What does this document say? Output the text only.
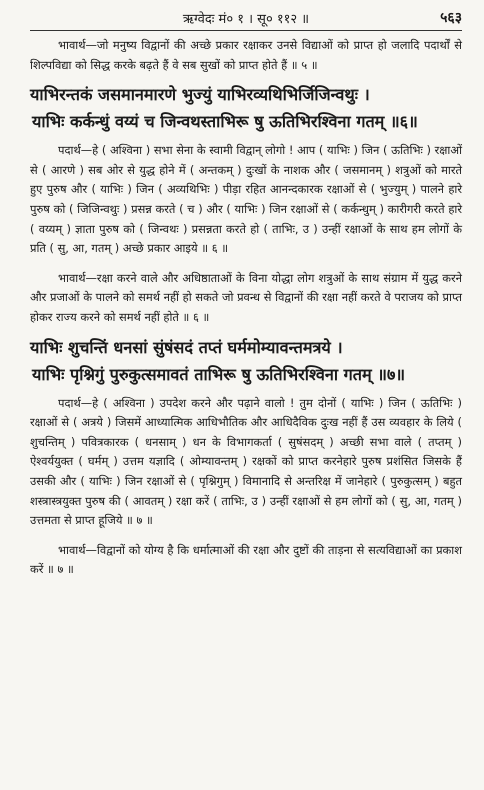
ऋग्वेदः मं० १ । सू० ११२ ॥	५६३

भावार्थ—जो मनुष्य विद्वानों की अच्छे प्रकार रक्षाकर उनसे विद्याओं को प्राप्त हो जलादि पदार्थों से शिल्पविद्या को सिद्ध करके बढ़ते हैं वे सब सुखों को प्राप्त होते हैं ॥ ५ ॥

याभिरन्तकं जसमानमारणे भुज्युं याभिरव्यथिभिर्जिजिन्वथुः ।

याभिः कर्कन्धुं वय्यं च जिन्वथस्ताभिरू षु ऊतिभिरश्विना गतम् ॥६॥

पदार्थ—हे ( अश्विना ) सभा सेना के स्वामी विद्वान् लोगो ! आप ( याभिः ) जिन ( ऊतिभिः ) रक्षाओं से ( आरणे ) सब ओर से युद्ध होने में ( अन्तकम् ) दुःखों के नाशक और ( जसमानम् ) शत्रुओं को मारते हुए पुरुष और ( याभिः ) जिन ( अव्यथिभिः ) पीड़ा रहित आनन्दकारक रक्षाओं से ( भुज्युम् ) पालने हारे पुरुष को ( जिजिन्वथुः ) प्रसन्न करते ( च ) और ( याभिः ) जिन रक्षाओं से ( कर्कन्धुम् ) कारीगरी करते हारे ( वय्यम् ) ज्ञाता पुरुष को ( जिन्वथः ) प्रसन्नता करते हो ( ताभिः, उ ) उन्हीं रक्षाओं के साथ हम लोगों के प्रति ( सु, आ, गतम् ) अच्छे प्रकार आइये ॥ ६ ॥

भावार्थ—रक्षा करने वाले और अधिष्ठाताओं के विना योद्धा लोग शत्रुओं के साथ संग्राम में युद्ध करने और प्रजाओं के पालने को समर्थ नहीं हो सकते जो प्रवन्ध से विद्वानों की रक्षा नहीं करते वे पराजय को प्राप्त होकर राज्य करने को समर्थ नहीं होते ॥ ६ ॥

याभिः शुचन्तिं धनसां सुंषंसदं तप्तं घर्ममोम्यावन्तमत्रये ।

याभिः पृश्निगुं पुरुकुत्समावतं ताभिरू षु ऊतिभिरश्विना गतम् ॥७॥

पदार्थ—हे ( अश्विना ) उपदेश करने और पढ़ाने वालो ! तुम दोनों ( याभिः ) जिन ( ऊतिभिः ) रक्षाओं से ( अत्रये ) जिसमें आध्यात्मिक आधिभौतिक और आधिदैविक दुःख नहीं हैं उस व्यवहार के लिये ( शुचन्तिम् ) पवित्रकारक ( धनसाम् ) धन के विभागकर्ता ( सुषंसदम् ) अच्छी सभा वाले ( तप्तम् ) ऐश्वर्ययुक्त ( घर्मम् ) उत्तम यज्ञादि ( ओम्यावन्तम् ) रक्षकों को प्राप्त करनेहारे पुरुष प्रशंसित जिसके हैं उसकी और ( याभिः ) जिन रक्षाओं से ( पृश्निगुम् ) विमानादि से अन्तरिक्ष में जानेहारे ( पुरुकुत्सम् ) बहुत शस्त्रास्त्रयुक्त पुरुष की ( आवतम् ) रक्षा करें ( ताभिः, उ ) उन्हीं रक्षाओं से हम लोगों को ( सु, आ, गतम् ) उत्तमता से प्राप्त हूजिये ॥ ७ ॥

भावार्थ—विद्वानों को योग्य है कि धर्मात्माओं की रक्षा और दुष्टों की ताड़ना से सत्यविद्याओं का प्रकाश करें ॥ ७ ॥
